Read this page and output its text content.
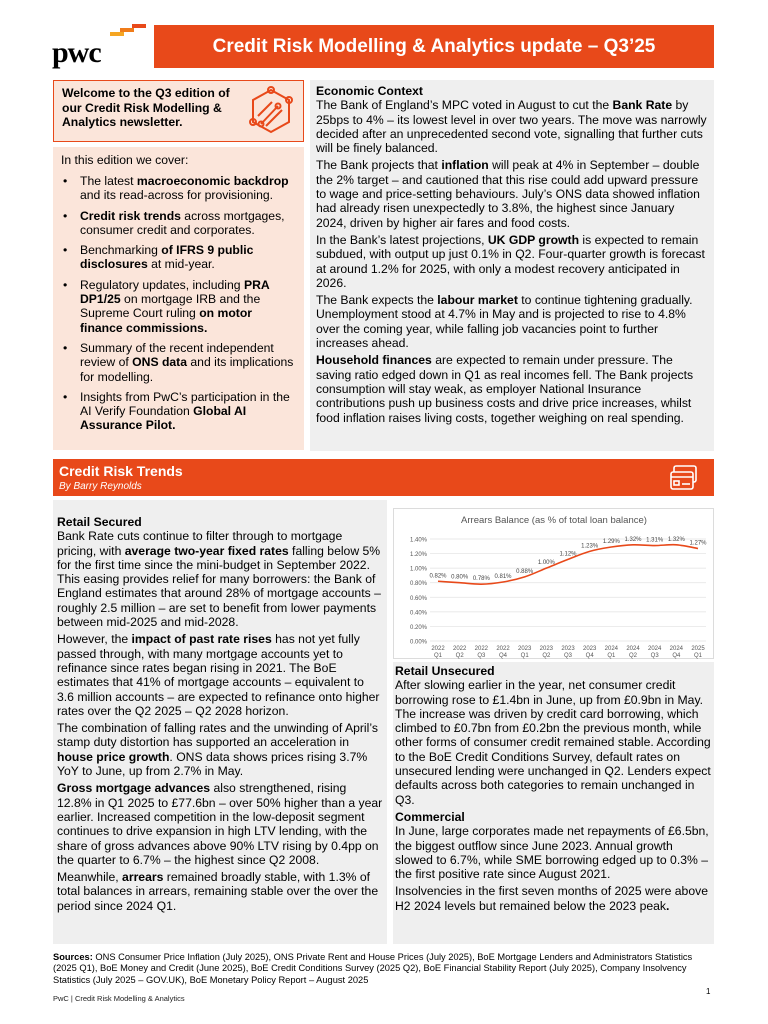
pwc	Credit Risk Modelling & Analytics update – Q3’25
Welcome to the Q3 edition of our Credit Risk Modelling & Analytics newsletter.
In this edition we cover:
• The latest macroeconomic backdrop and its read-across for provisioning.
• Credit risk trends across mortgages, consumer credit and corporates.
• Benchmarking of IFRS 9 public disclosures at mid-year.
• Regulatory updates, including PRA DP1/25 on mortgage IRB and the Supreme Court ruling on motor finance commissions.
• Summary of the recent independent review of ONS data and its implications for modelling.
• Insights from PwC’s participation in the AI Verify Foundation Global AI Assurance Pilot.
Economic Context

The Bank of England’s MPC voted in August to cut the Bank Rate by 25bps to 4% – its lowest level in over two years. The move was narrowly decided after an unprecedented second vote, signalling that further cuts will be finely balanced.

The Bank projects that inflation will peak at 4% in September – double the 2% target – and cautioned that this rise could add upward pressure to wage and price-setting behaviours. July’s ONS data showed inflation had already risen unexpectedly to 3.8%, the highest since January 2024, driven by higher air fares and food costs.

In the Bank’s latest projections, UK GDP growth is expected to remain subdued, with output up just 0.1% in Q2. Four-quarter growth is forecast at around 1.2% for 2025, with only a modest recovery anticipated in 2026.

The Bank expects the labour market to continue tightening gradually. Unemployment stood at 4.7% in May and is projected to rise to 4.8% over the coming year, while falling job vacancies point to further increases ahead.

Household finances are expected to remain under pressure. The saving ratio edged down in Q1 as real incomes fell. The Bank projects consumption will stay weak, as employer National Insurance contributions push up business costs and drive price increases, whilst food inflation raises living costs, together weighing on real spending.

Credit Risk Trends
By Barry Reynolds
Retail Secured

Bank Rate cuts continue to filter through to mortgage pricing, with average two-year fixed rates falling below 5% for the first time since the mini-budget in September 2022. This easing provides relief for many borrowers: the Bank of England estimates that around 28% of mortgage accounts – roughly 2.5 million – are set to benefit from lower payments between mid-2025 and mid-2028.

However, the impact of past rate rises has not yet fully passed through, with many mortgage accounts yet to refinance since rates began rising in 2021. The BoE estimates that 41% of mortgage accounts – equivalent to 3.6 million accounts – are expected to refinance onto higher rates over the Q2 2025 – Q2 2028 horizon.

The combination of falling rates and the unwinding of April’s stamp duty distortion has supported an acceleration in house price growth. ONS data shows prices rising 3.7% YoY to June, up from 2.7% in May.

Gross mortgage advances also strengthened, rising 12.8% in Q1 2025 to £77.6bn – over 50% higher than a year earlier. Increased competition in the low-deposit segment continues to drive expansion in high LTV lending, with the share of gross advances above 90% LTV rising by 0.4pp on the quarter to 6.7% – the highest since Q2 2008.

Meanwhile, arrears remained broadly stable, with 1.3% of total balances in arrears, remaining stable over the over the period since 2024 Q1.

Arrears Balance (as % of total loan balance)
0.00%
0.20%
0.40%
0.60%
0.80%
1.00%
1.20%
1.40%
2022
Q1
2022
Q2
2022
Q3
2022
Q4
2023
Q1
2023
Q2
2023
Q3
2023
Q4
2024
Q1
2024
Q2
2024
Q3
2024
Q4
2025
Q1
0.82% 0.80% 0.78% 0.81%
0.88%
1.00%
1.12%
1.23%
1.29% 1.32% 1.31% 1.32%
1.27%
Retail Unsecured

After slowing earlier in the year, net consumer credit borrowing rose to £1.4bn in June, up from £0.9bn in May. The increase was driven by credit card borrowing, which climbed to £0.7bn from £0.2bn the previous month, while other forms of consumer credit remained stable. According to the BoE Credit Conditions Survey, default rates on unsecured lending were unchanged in Q2. Lenders expect defaults across both categories to remain unchanged in Q3.

Commercial

In June, large corporates made net repayments of £6.5bn, the biggest outflow since June 2023. Annual growth slowed to 6.7%, while SME borrowing edged up to 0.3% – the first positive rate since August 2021.

Insolvencies in the first seven months of 2025 were above H2 2024 levels but remained below the 2023 peak.

Sources: ONS Consumer Price Inflation (July 2025), ONS Private Rent and House Prices (July 2025), BoE Mortgage Lenders and Administrators Statistics (2025 Q1), BoE Money and Credit (June 2025), BoE Credit Conditions Survey (2025 Q2), BoE Financial Stability Report (July 2025), Company Insolvency Statistics (July 2025 – GOV.UK), BoE Monetary Policy Report – August 2025
PwC | Credit Risk Modelling & Analytics
1
